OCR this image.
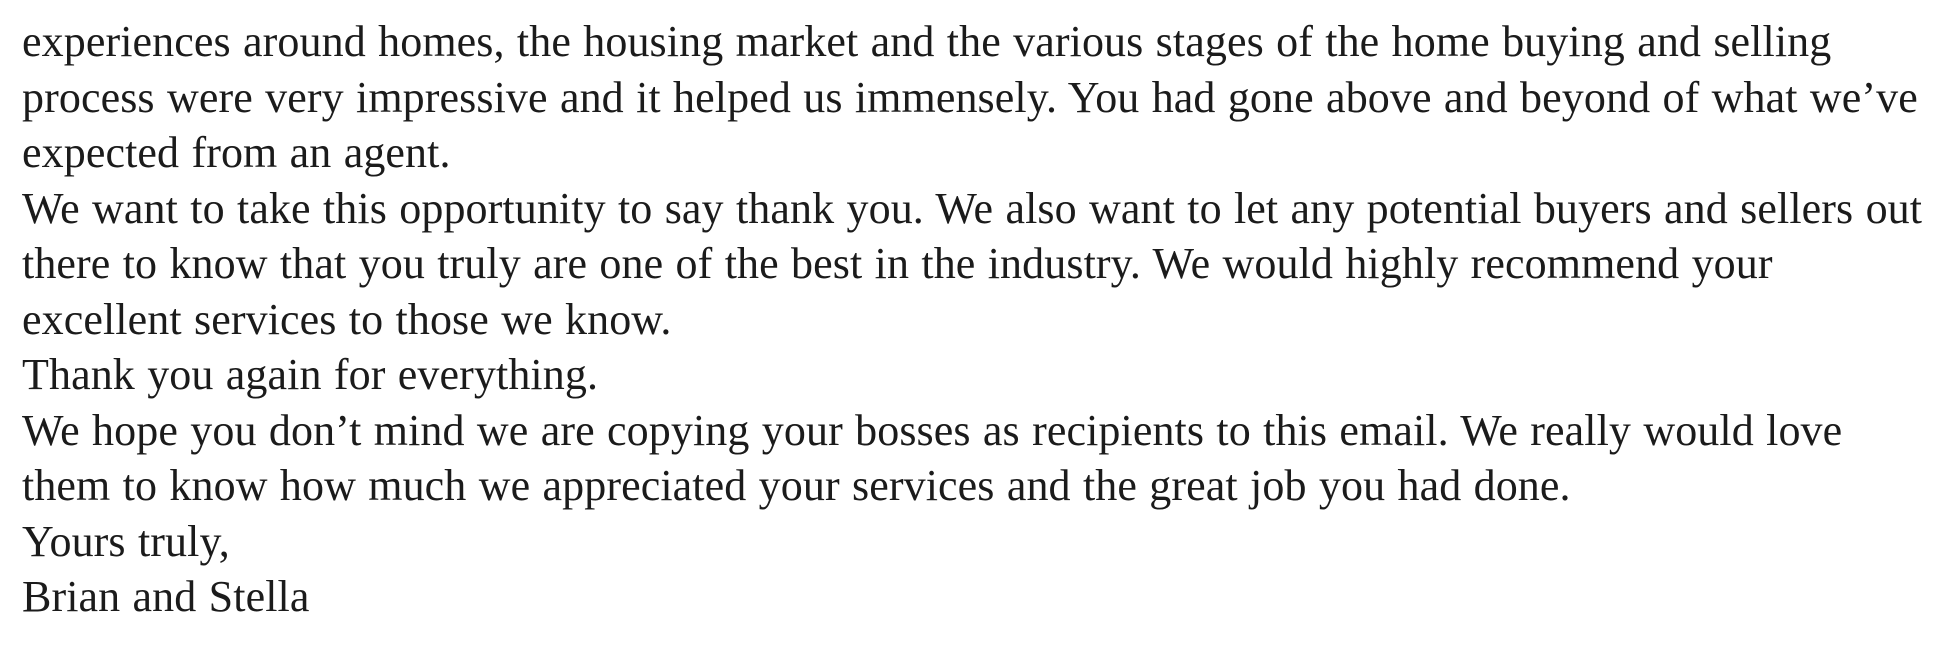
experiences around homes, the housing market and the various stages of the home buying and selling process were very impressive and it helped us immensely. You had gone above and beyond of what we’ve expected from an agent.

We want to take this opportunity to say thank you. We also want to let any potential buyers and sellers out there to know that you truly are one of the best in the industry. We would highly recommend your excellent services to those we know.

Thank you again for everything.

We hope you don’t mind we are copying your bosses as recipients to this email. We really would love them to know how much we appreciated your services and the great job you had done.

Yours truly,

Brian and Stella
